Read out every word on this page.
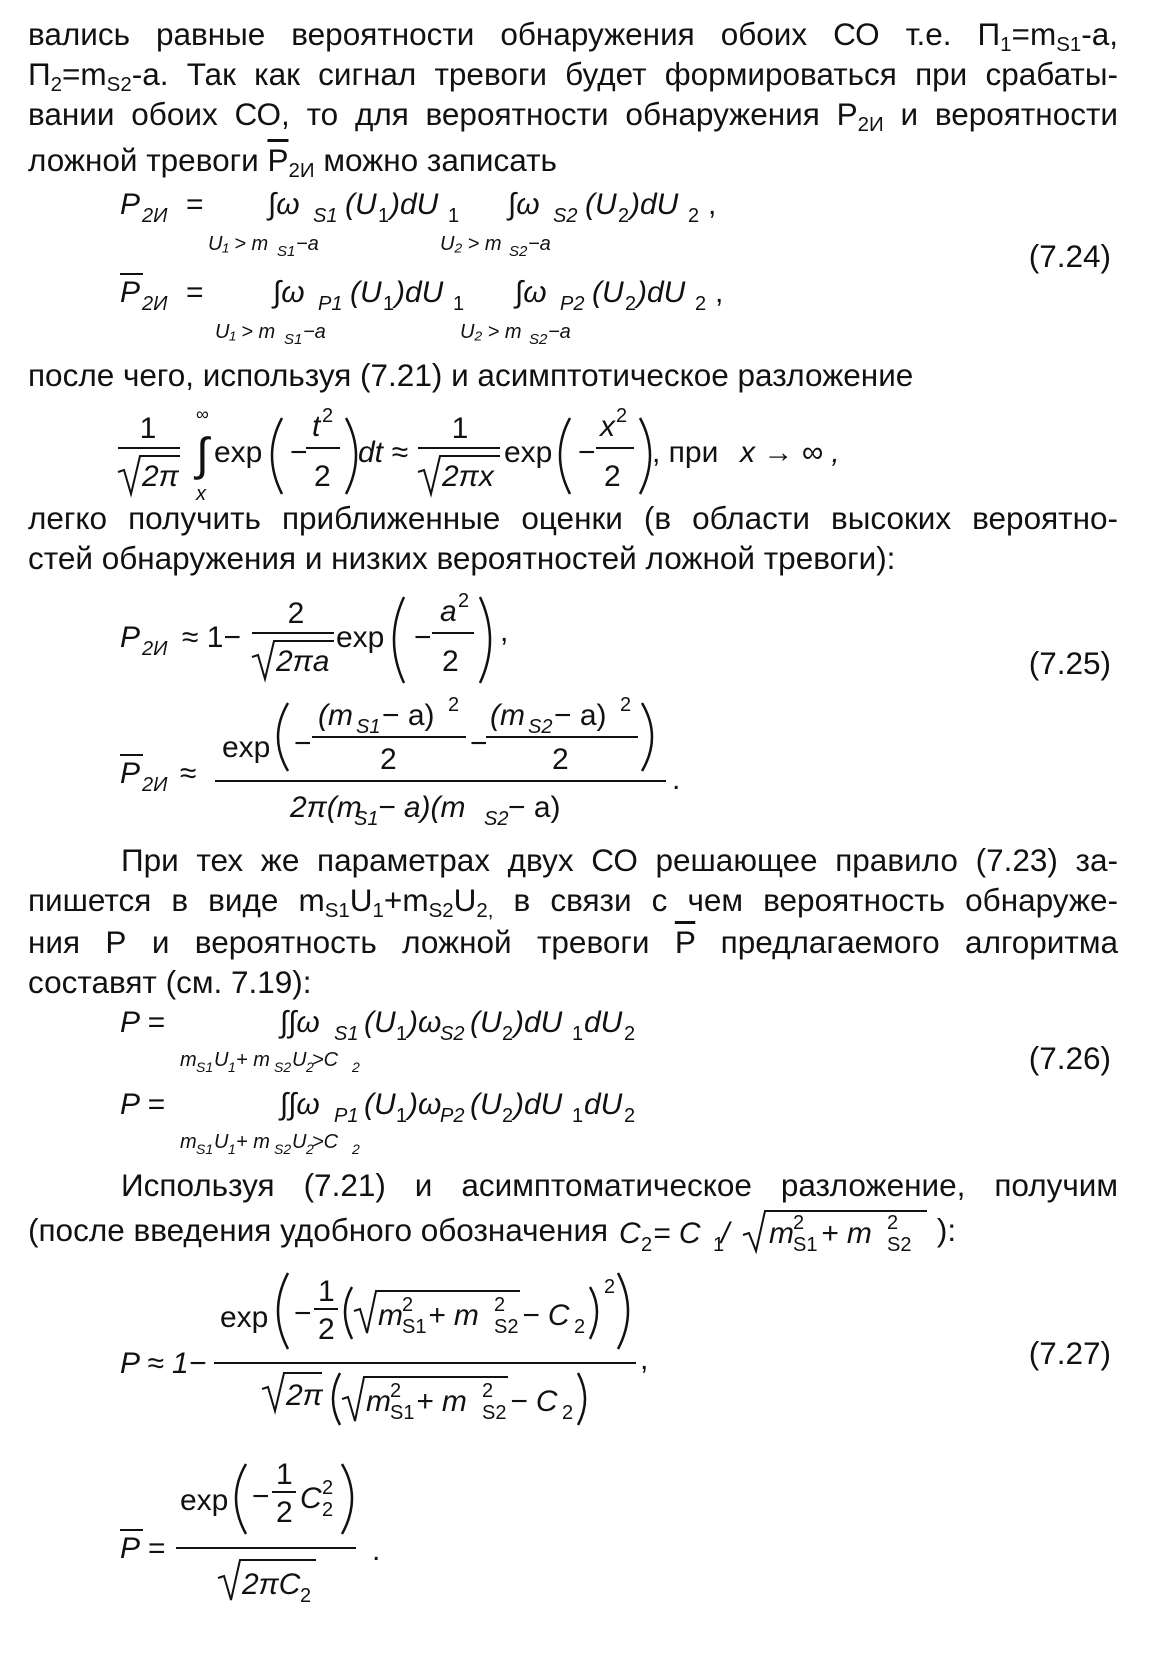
вались равные вероятности обнаружения обоих СО т.е. $П_1=m_{S1}-a$,
$П_2=m_{S2}-a$. Так как сигнал тревоги будет формироваться при срабаты-
вании обоих СО, то для вероятности обнаружения $Р_{2И}$ и вероятности
ложной тревоги $\overline{P}_{2И}$ можно записать
P 2И = ∫ω S1 (U 1 )dU 1
U₁ > m S1 −a
∫ω S2 (U 2 )dU 2 ,
U₂ > m S2 −a
P 2И = ∫ω P1 (U 1 )dU 1
U₁ > m S1 −a
∫ω P2 (U 2 )dU 2 ,
U₂ > m S2 −a
(7.24)
после чего, используя (7.21) и асимптотическое разложение
1
2π
∞
∫
x
exp −
t 2
2
dt ≈
1
2πx
exp −
x 2
2
, при x → ∞ ,
легко получить приближенные оценки (в области высоких вероятно-
стей обнаружения и низких вероятностей ложной тревоги):
P 2И ≈ 1−
2
2πa
exp −
a 2
2
,
exp −
(m S1 − a) 2
2 −
(m S2 − a) 2
2
P 2И ≈
2π(m
S1 − a)(m S2 − a)
.
(7.25)
При тех же параметрах двух СО решающее правило (7.23) за-
пишется в виде $m_{S1}U_1+m_{S2}U_{2,}$ в связи с чем вероятность обнаруже-
ния Р и вероятность ложной тревоги $\overline{P}$ предлагаемого алгоритма
составят (см. 7.19):
P =	∫∫ω S1 (U 1 )ω
S2 (U 2 )dU 1 dU 2
m S1 U 1 + m S2 U 2
>C 2
P =	∫∫ω P1 (U 1 )ω
P2 (U 2 )dU 1 dU 2
m S1 U 1 + m S2 U 2
>C 2
(7.26)
Используя (7.21) и асимптоматическое разложение, получим
(после введения удобного обозначения C 2 = C 1
/ m 2
S1 + m 2
S2 ):
exp −
1
2 m 2
S1 + m 2
S2 − C 2
2
P ≈ 1−	,
2π m 2
S1 + m 2
S2 − C 2
(7.27)
exp −
1
2 C 2
2
P =	.
2πC 2
